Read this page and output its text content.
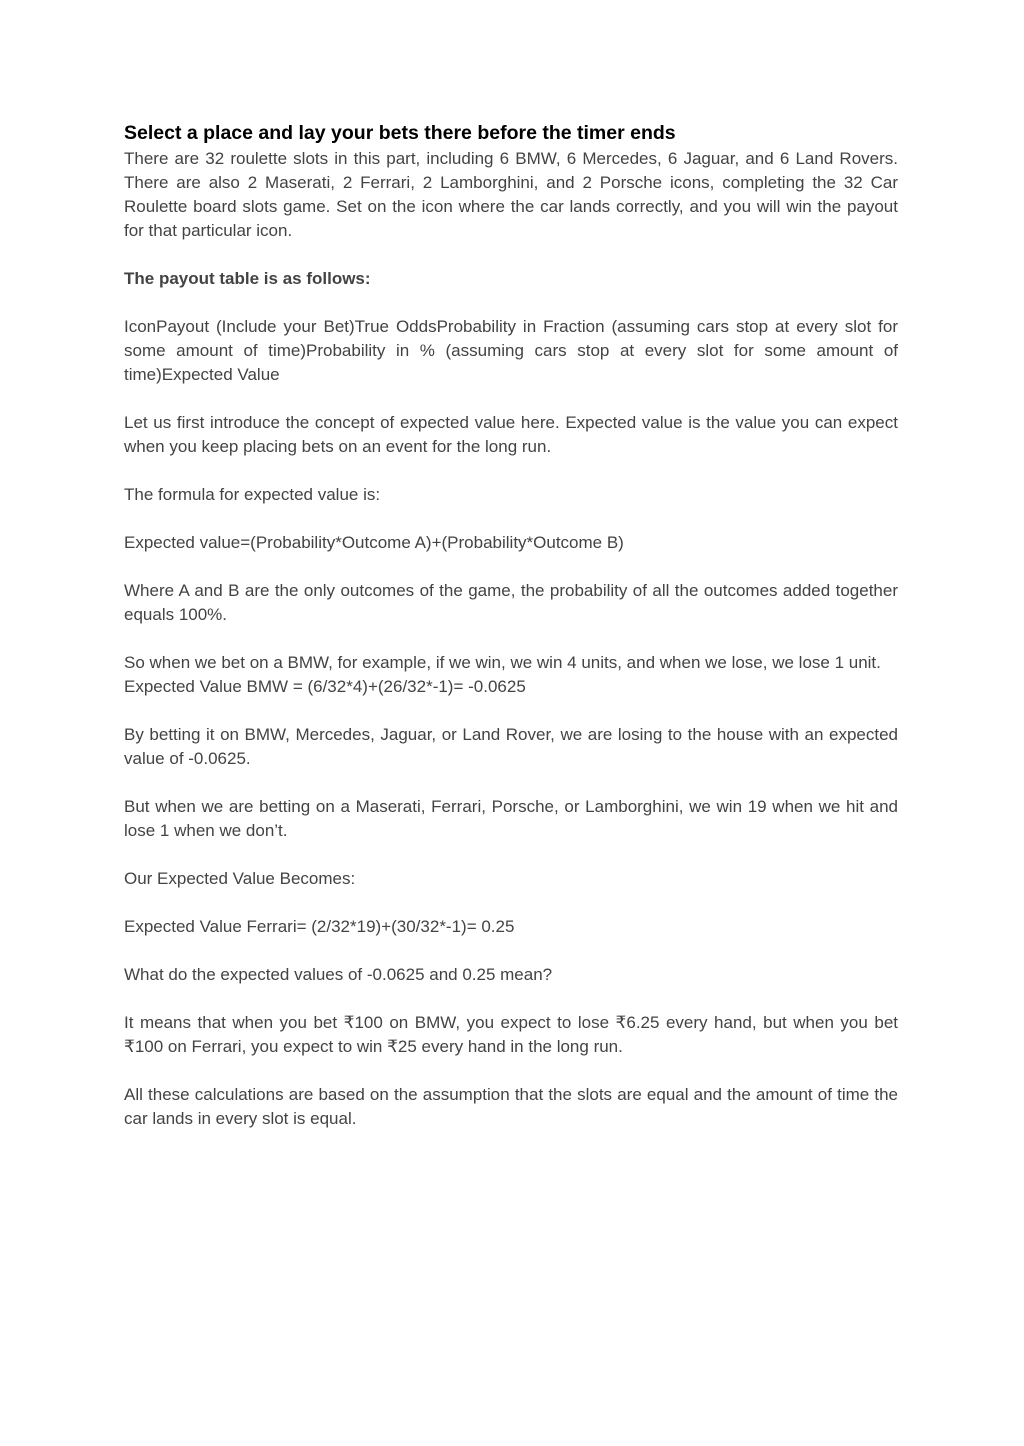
Select a place and lay your bets there before the timer ends

There are 32 roulette slots in this part, including 6 BMW, 6 Mercedes, 6 Jaguar, and 6 Land Rovers. There are also 2 Maserati, 2 Ferrari, 2 Lamborghini, and 2 Porsche icons, completing the 32 Car Roulette board slots game. Set on the icon where the car lands correctly, and you will win the payout for that particular icon.

The payout table is as follows:

IconPayout (Include your Bet)True OddsProbability in Fraction (assuming cars stop at every slot for some amount of time)Probability in % (assuming cars stop at every slot for some amount of time)Expected Value

Let us first introduce the concept of expected value here. Expected value is the value you can expect when you keep placing bets on an event for the long run.

The formula for expected value is:

Expected value=(Probability*Outcome A)+(Probability*Outcome B)

Where A and B are the only outcomes of the game, the probability of all the outcomes added together equals 100%.

So when we bet on a BMW, for example, if we win, we win 4 units, and when we lose, we lose 1 unit.

Expected Value BMW = (6/32*4)+(26/32*-1)= -0.0625

By betting it on BMW, Mercedes, Jaguar, or Land Rover, we are losing to the house with an expected value of -0.0625.

But when we are betting on a Maserati, Ferrari, Porsche, or Lamborghini, we win 19 when we hit and lose 1 when we don’t.

Our Expected Value Becomes:

Expected Value Ferrari= (2/32*19)+(30/32*-1)= 0.25

What do the expected values of -0.0625 and 0.25 mean?

It means that when you bet ₹100 on BMW, you expect to lose ₹6.25 every hand, but when you bet ₹100 on Ferrari, you expect to win ₹25 every hand in the long run.

All these calculations are based on the assumption that the slots are equal and the amount of time the car lands in every slot is equal.
